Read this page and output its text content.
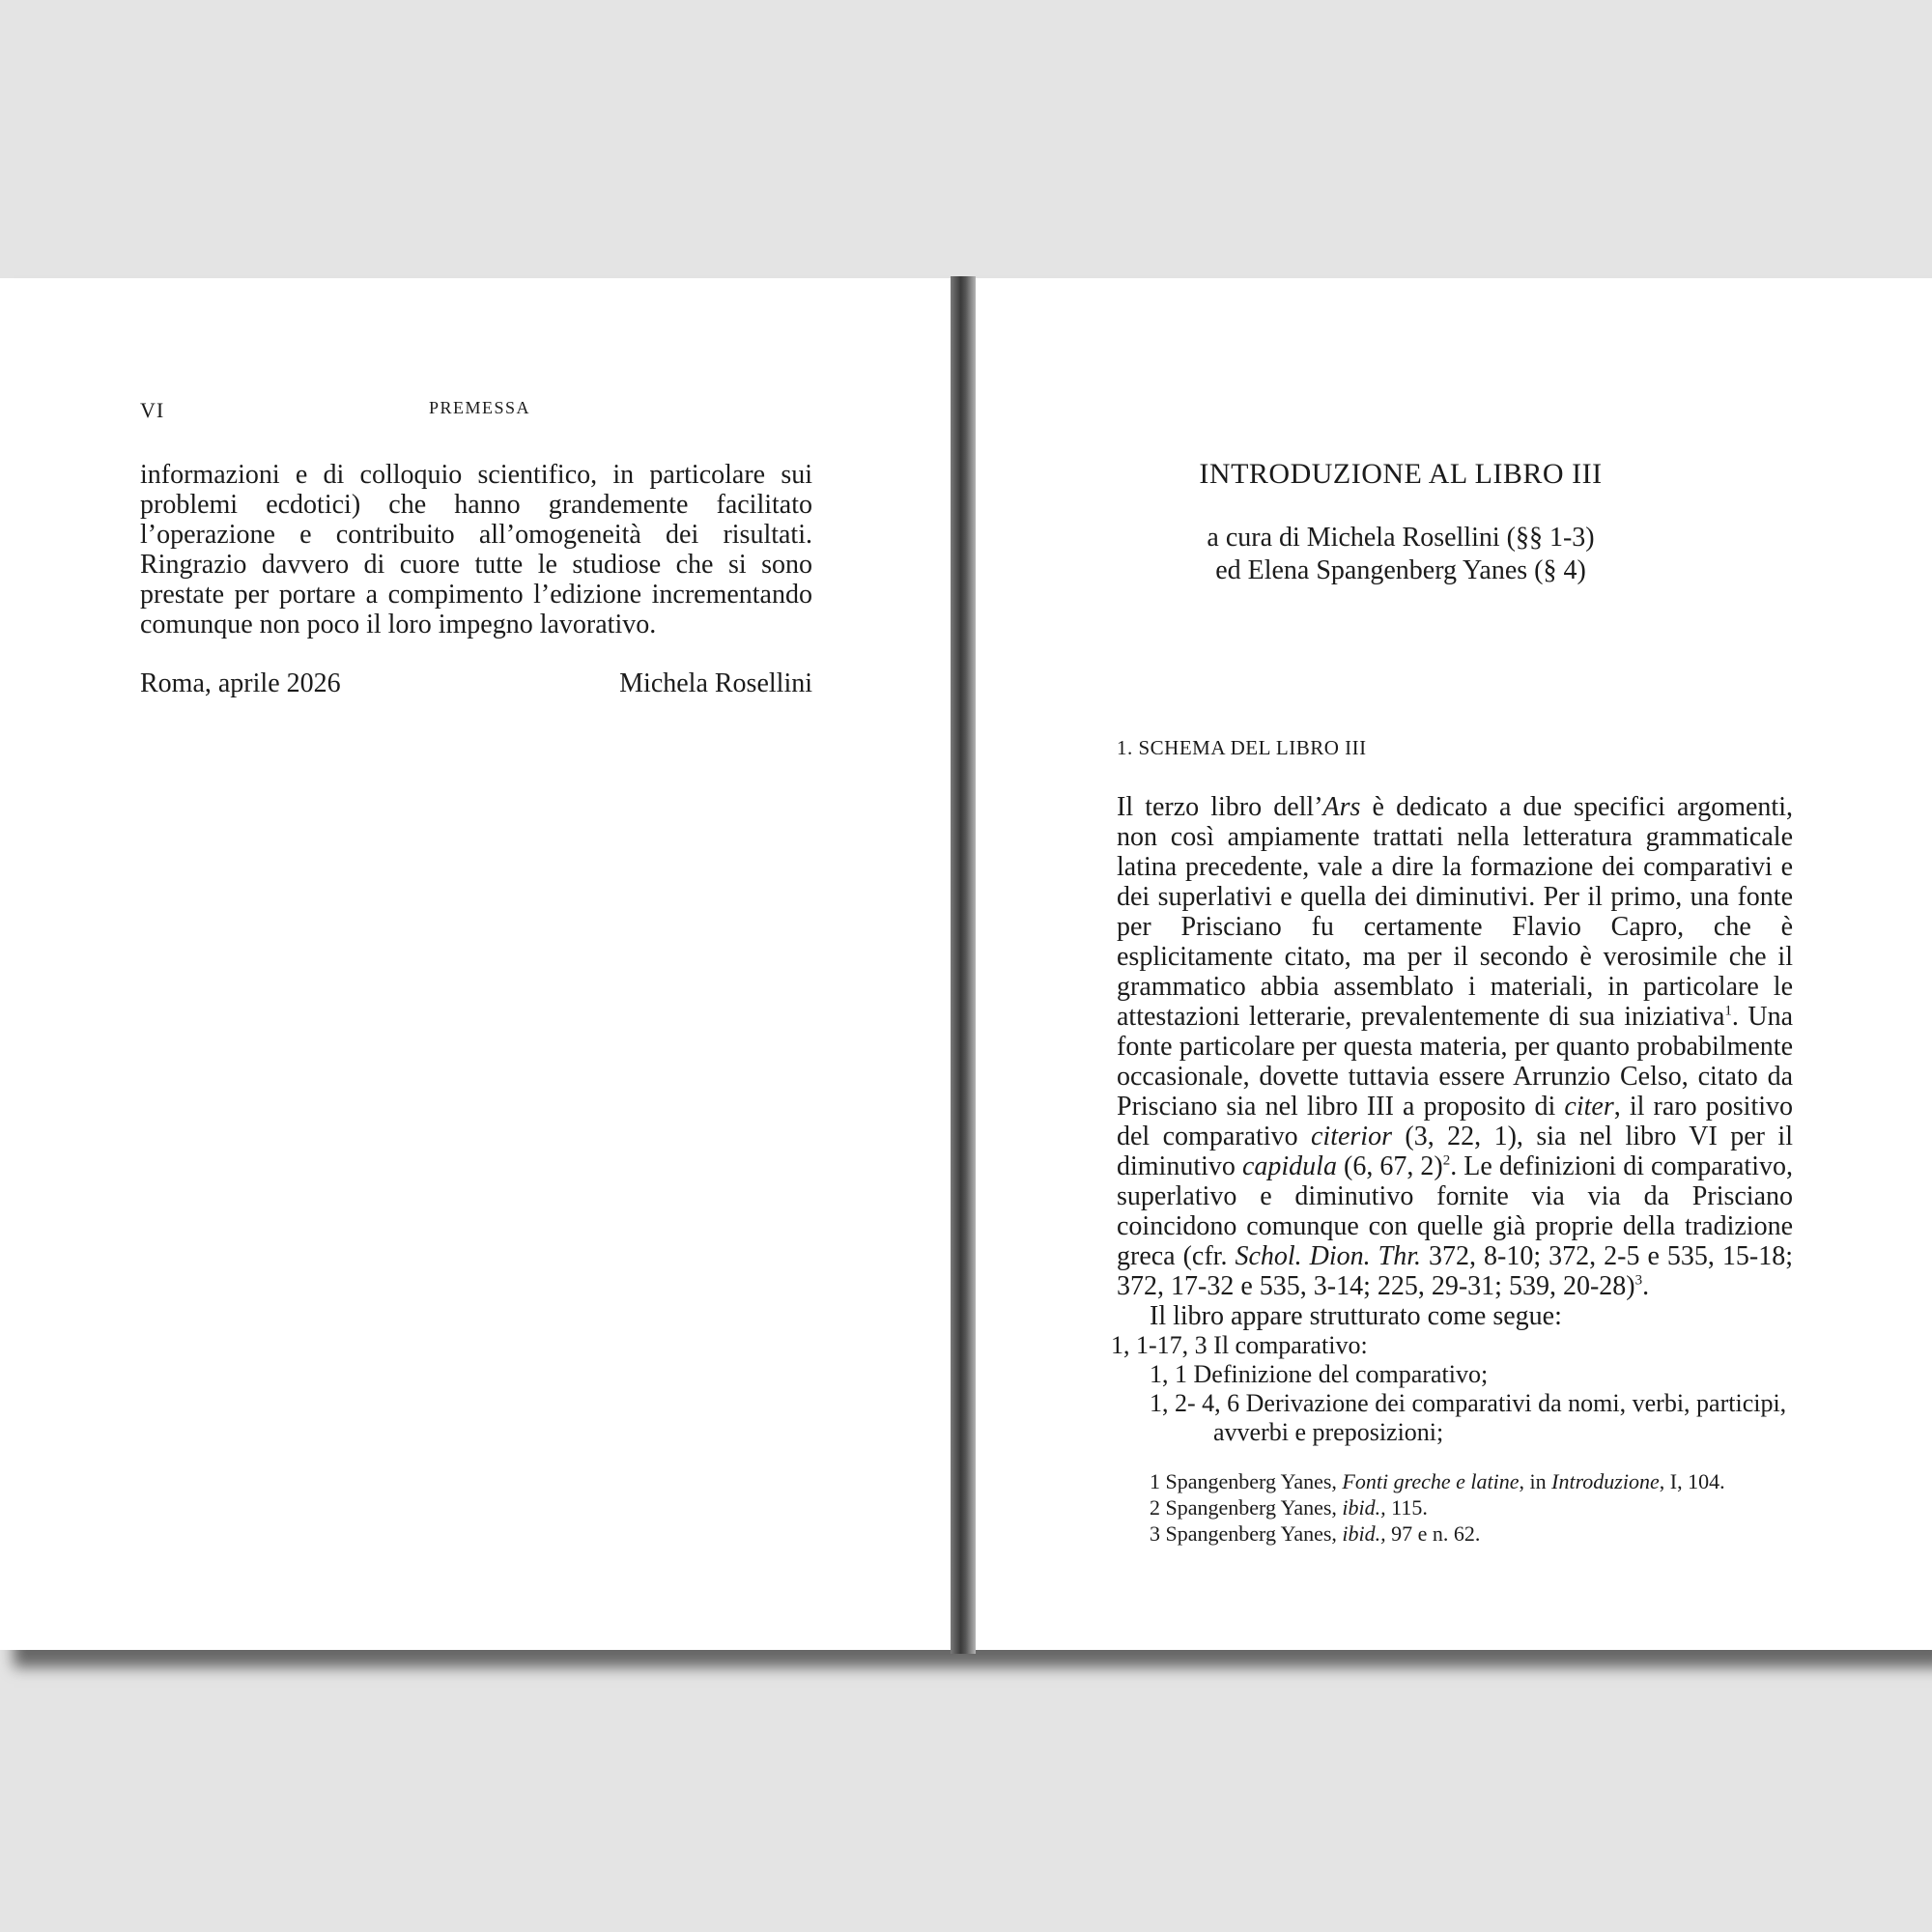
VI	PREMESSA

informazioni e di colloquio scientifico, in particolare sui problemi ecdotici) che hanno grandemente facilitato l’operazione e contribuito all’omogeneità dei risultati. Ringrazio davvero di cuore tutte le studiose che si sono prestate per portare a compimento l’edizione incrementando comunque non poco il loro impegno lavorativo.

Roma, aprile 2026	Michela Rosellini
INTRODUZIONE AL LIBRO III
a cura di Michela Rosellini (§§ 1-3)
ed Elena Spangenberg Yanes (§ 4)
1. SCHEMA DEL LIBRO III

Il terzo libro dell’Ars è dedicato a due specifici argomenti, non così ampiamente trattati nella letteratura grammaticale latina precedente, vale a dire la formazione dei comparativi e dei superlativi e quella dei diminutivi. Per il primo, una fonte per Prisciano fu certamente Flavio Capro, che è esplicitamente citato, ma per il secondo è verosimile che il grammatico abbia assemblato i materiali, in particolare le attestazioni letterarie, prevalentemente di sua iniziativa$^1$. Una fonte particolare per questa materia, per quanto probabilmente occasionale, dovette tuttavia essere Arrunzio Celso, citato da Prisciano sia nel libro III a proposito di citer, il raro positivo del comparativo citerior (3, 22, 1), sia nel libro VI per il diminutivo capidula (6, 67, 2)$^2$. Le definizioni di comparativo, superlativo e diminutivo fornite via via da Prisciano coincidono comunque con quelle già proprie della tradizione greca (cfr. Schol. Dion. Thr. 372, 8-10; 372, 2-5 e 535, 15-18; 372, 17-32 e 535, 3-14; 225, 29-31; 539, 20-28)$^3$.

Il libro appare strutturato come segue:

1, 1-17, 3 Il comparativo:
1, 1 Definizione del comparativo;
1, 2- 4, 6 Derivazione dei comparativi da nomi, verbi, participi,
avverbi e preposizioni;
1 Spangenberg Yanes, Fonti greche e latine, in Introduzione, I, 104.
2 Spangenberg Yanes, ibid., 115.
3 Spangenberg Yanes, ibid., 97 e n. 62.
